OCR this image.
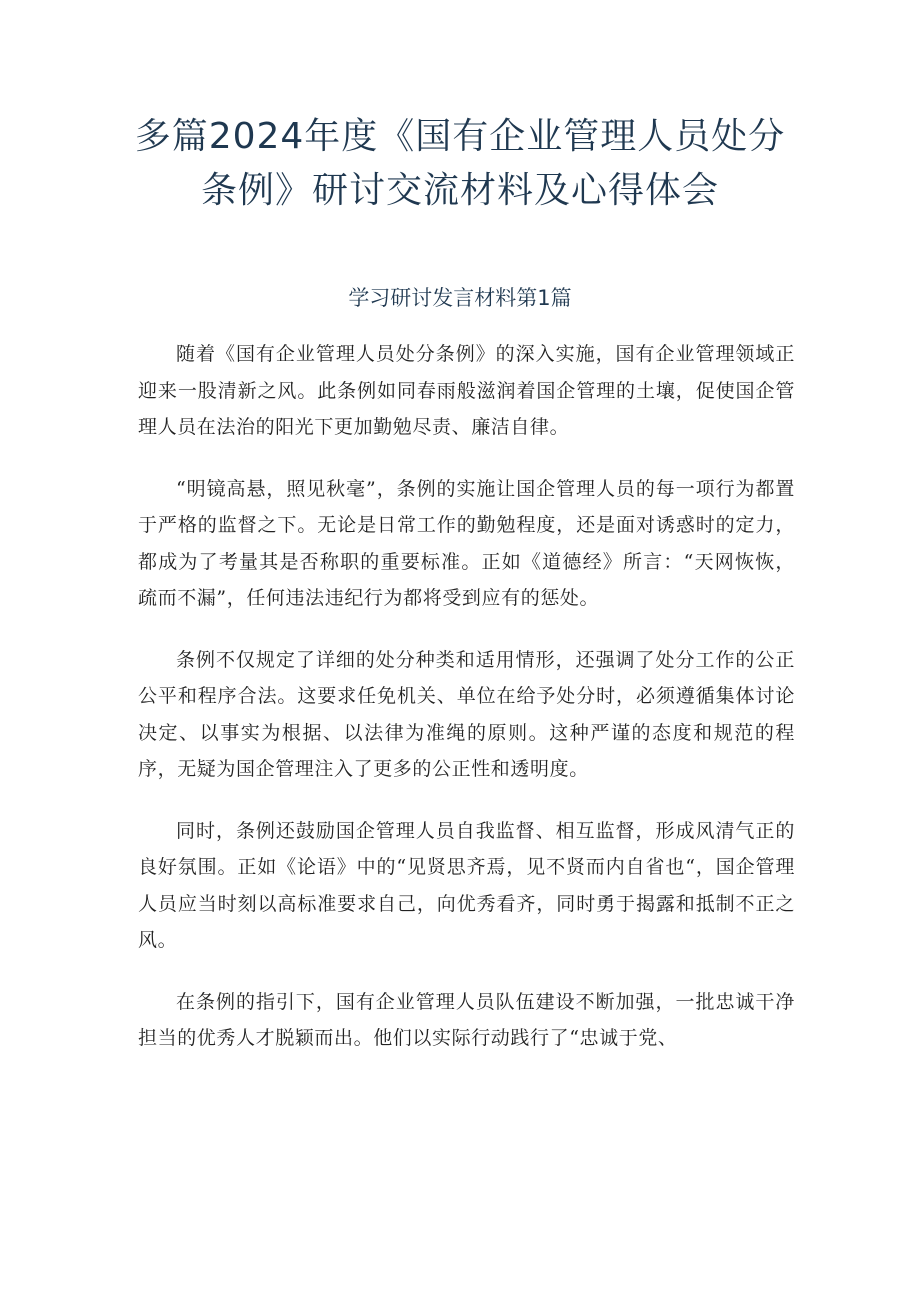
多篇2024年度《国有企业管理人员处分条例》研讨交流材料及心得体会
学习研讨发言材料第1篇

随着《国有企业管理人员处分条例》的深入实施，国有企业管理领域正迎来一股清新之风。此条例如同春雨般滋润着国企管理的土壤，促使国企管理人员在法治的阳光下更加勤勉尽责、廉洁自律。

“明镜高悬，照见秋毫”，条例的实施让国企管理人员的每一项行为都置于严格的监督之下。无论是日常工作的勤勉程度，还是面对诱惑时的定力，都成为了考量其是否称职的重要标准。正如《道德经》所言：“天网恢恢，疏而不漏”，任何违法违纪行为都将受到应有的惩处。

条例不仅规定了详细的处分种类和适用情形，还强调了处分工作的公正公平和程序合法。这要求任免机关、单位在给予处分时，必须遵循集体讨论决定、以事实为根据、以法律为准绳的原则。这种严谨的态度和规范的程序，无疑为国企管理注入了更多的公正性和透明度。

同时，条例还鼓励国企管理人员自我监督、相互监督，形成风清气正的良好氛围。正如《论语》中的“见贤思齐焉，见不贤而内自省也“，国企管理人员应当时刻以高标准要求自己，向优秀看齐，同时勇于揭露和抵制不正之风。

在条例的指引下，国有企业管理人员队伍建设不断加强，一批忠诚干净担当的优秀人才脱颖而出。他们以实际行动践行了“忠诚于党、
